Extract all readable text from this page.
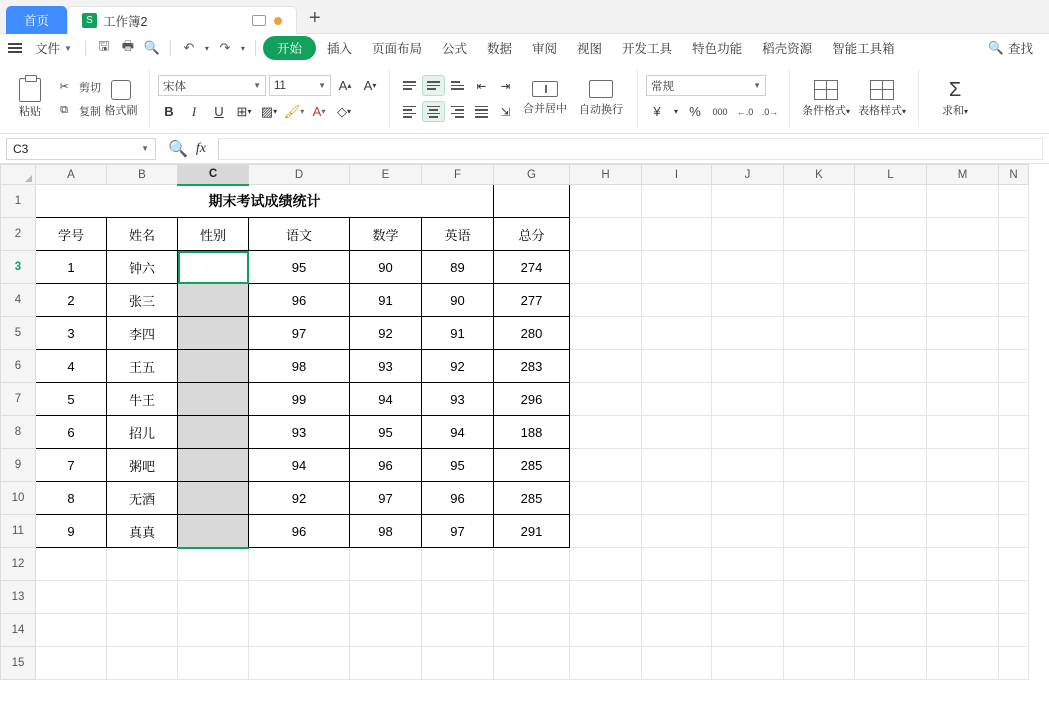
首页	S 工作簿2	+
文件 ▼	🖫 🖶 🔍	↶	▾ ↷	▾	开始	插入	页面布局	公式	数据	审阅	视图	开发工具	特色功能	稻壳资源	智能工具箱	🔍 查找
粘贴
✂ 剪切
⧉	复制 格式刷
宋体	▼ 11	▼ A ▴ A ▾
B	I	U ⊞ ▾ ▨ ▾ 🖌 ▾ A ▾ ◇ ▾
⇤	⇥
⇲	合并居中 自动换行
常规	▼
¥	▾ %	000	←.0 .0→ 条件格式▾ 表格样式▾
Σ
求和▾
C3	▼ 🔍 fx
	A	B	C	D	E	F	G	H	I	J	K	L	M	N
1	期末考试成绩统计													
2	学号	姓名	性别	语文	数学	英语	总分							
3	1	钟六		95	90	89	274							
4	2	张三		96	91	90	277							
5	3	李四		97	92	91	280							
6	4	王五		98	93	92	283							
7	5	牛王		99	94	93	296							
8	6	招儿		93	95	94	188							
9	7	粥吧		94	96	95	285							
10	8	无酒		92	97	96	285							
11	9	真真		96	98	97	291							
12														
13														
14														
15														
